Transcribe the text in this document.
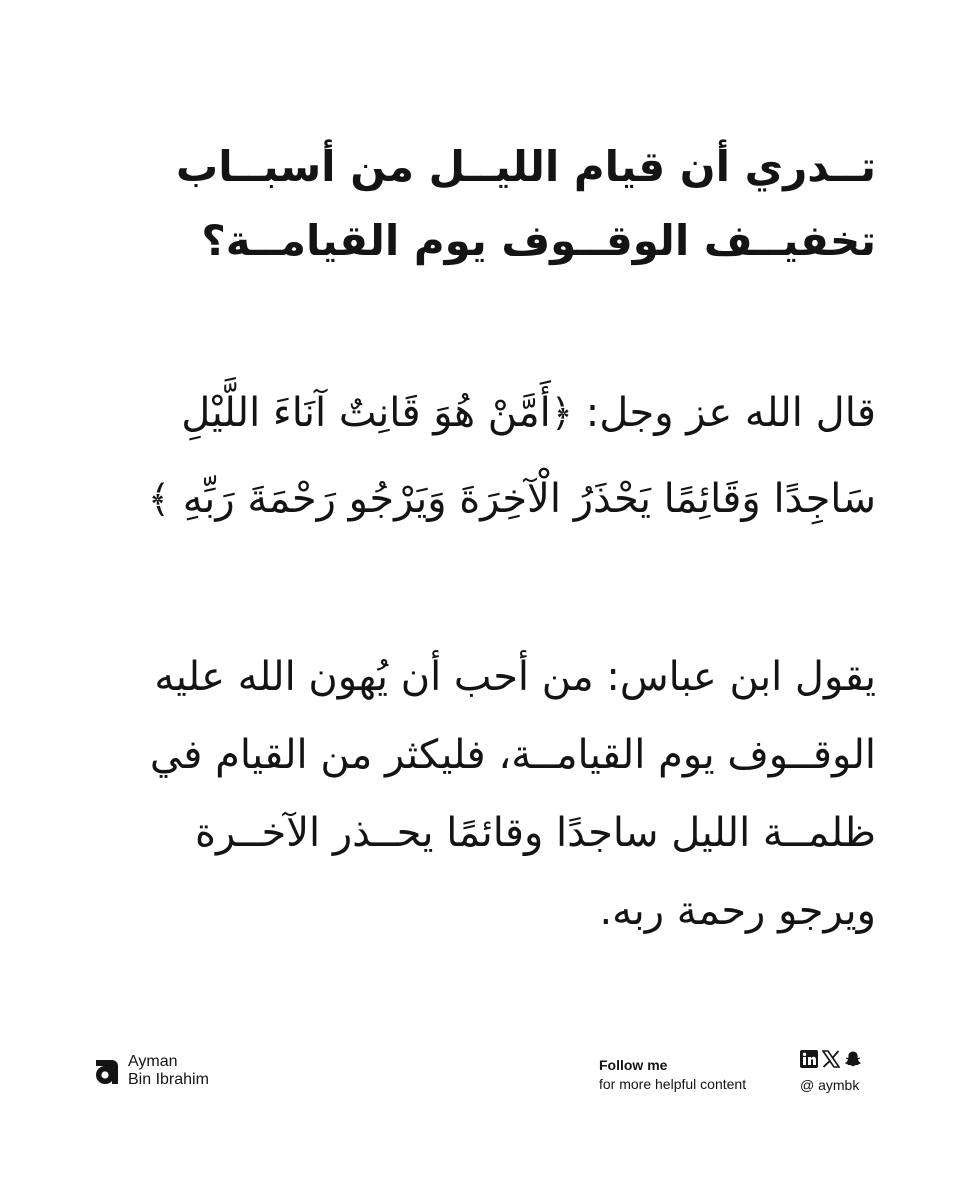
تــدري أن قيام الليــل من أسبــاب
تخفيــف الوقــوف يوم القيامــة؟
قال الله عز وجل: ﴿أَمَّنْ هُوَ قَانِتٌ آنَاءَ اللَّيْلِ
سَاجِدًا وَقَائِمًا يَحْذَرُ الْآخِرَةَ وَيَرْجُو رَحْمَةَ رَبِّهِ ﴾
يقول ابن عباس: من أحب أن يُهون الله عليه
الوقــوف يوم القيامــة، فليكثر من القيام في
ظلمــة الليل ساجدًا وقائمًا يحــذر الآخــرة
ويرجو رحمة ربه.
Ayman
Bin Ibrahim
Follow me
for more helpful content	@ aymbk
